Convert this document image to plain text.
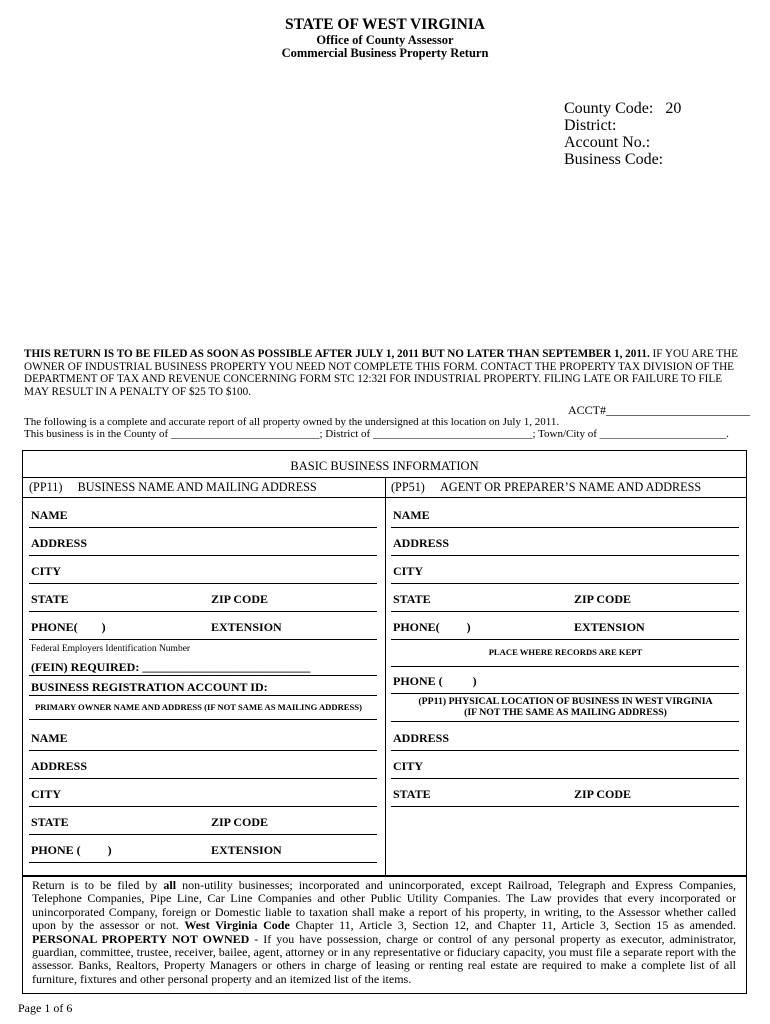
STATE OF WEST VIRGINIA
Office of County Assessor
Commercial Business Property Return
County Code: 20
District:
Account No.:
Business Code:
THIS RETURN IS TO BE FILED AS SOON AS POSSIBLE AFTER JULY 1, 2011 BUT NO LATER THAN SEPTEMBER 1, 2011. IF YOU ARE THE OWNER OF INDUSTRIAL BUSINESS PROPERTY YOU NEED NOT COMPLETE THIS FORM. CONTACT THE PROPERTY TAX DIVISION OF THE DEPARTMENT OF TAX AND REVENUE CONCERNING FORM STC 12:32I FOR INDUSTRIAL PROPERTY. FILING LATE OR FAILURE TO FILE MAY RESULT IN A PENALTY OF $25 TO $100.
ACCT#________________________
The following is a complete and accurate report of all property owned by the undersigned at this location on July 1, 2011.
This business is in the County of ___________________________; District of _____________________________; Town/City of _______________________.
BASIC BUSINESS INFORMATION
(PP11) BUSINESS NAME AND MAILING ADDRESS	(PP51) AGENT OR PREPARER’S NAME AND ADDRESS
NAME
ADDRESS
CITY
STATE	ZIP CODE
PHONE(        )	EXTENSION
Federal Employers Identification Number
(FEIN) REQUIRED: ____________________________
BUSINESS REGISTRATION ACCOUNT ID:
PRIMARY OWNER NAME AND ADDRESS (IF NOT SAME AS MAILING ADDRESS)
NAME
ADDRESS
CITY
STATE	ZIP CODE
PHONE (         )	EXTENSION
NAME
ADDRESS
CITY
STATE	ZIP CODE
PHONE(         )	EXTENSION
PLACE WHERE RECORDS ARE KEPT
PHONE (          )
(PP11) PHYSICAL LOCATION OF BUSINESS IN WEST VIRGINIA
(IF NOT THE SAME AS MAILING ADDRESS)
ADDRESS
CITY
STATE	ZIP CODE
Return is to be filed by all non-utility businesses; incorporated and unincorporated, except Railroad, Telegraph and Express Companies, Telephone Companies, Pipe Line, Car Line Companies and other Public Utility Companies. The Law provides that every incorporated or unincorporated Company, foreign or Domestic liable to taxation shall make a report of his property, in writing, to the Assessor whether called upon by the assessor or not. West Virginia Code Chapter 11, Article 3, Section 12, and Chapter 11, Article 3, Section 15 as amended. PERSONAL PROPERTY NOT OWNED - If you have possession, charge or control of any personal property as executor, administrator, guardian, committee, trustee, receiver, bailee, agent, attorney or in any representative or fiduciary capacity, you must file a separate report with the assessor. Banks, Realtors, Property Managers or others in charge of leasing or renting real estate are required to make a complete list of all furniture, fixtures and other personal property and an itemized list of the items.
Page 1 of 6
